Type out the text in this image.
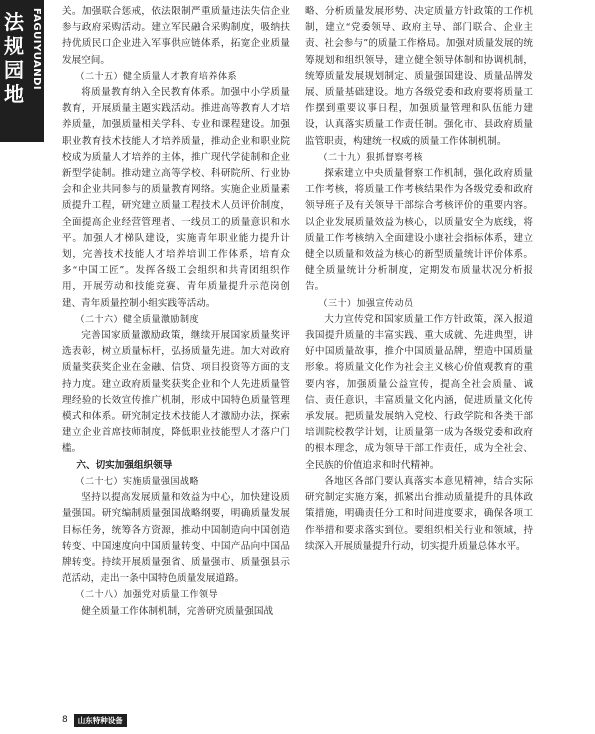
法规园地
FAGUIYUANDI 关。加强联合惩戒，依法限制严重质量违法失信企业参与政府采购活动。建立军民融合采购制度，吸纳扶持优质民口企业进入军事供应链体系，拓宽企业质量发展空间。

（二十五）健全质量人才教育培养体系

将质量教育纳入全民教育体系。加强中小学质量教育，开展质量主题实践活动。推进高等教育人才培养质量，加强质量相关学科、专业和课程建设。加强职业教育技术技能人才培养质量，推动企业和职业院校成为质量人才培养的主体，推广现代学徒制和企业新型学徒制。推动建立高等学校、科研院所、行业协会和企业共同参与的质量教育网络。实施企业质量素质提升工程，研究建立质量工程技术人员评价制度，全面提高企业经营管理者、一线员工的质量意识和水平。加强人才梯队建设，实施青年职业能力提升计划，完善技术技能人才培养培训工作体系，培育众多“中国工匠”。发挥各级工会组织和共青团组织作用，开展劳动和技能竞赛、青年质量提升示范岗创建、青年质量控制小组实践等活动。

（二十六）健全质量激励制度

完善国家质量激励政策，继续开展国家质量奖评选表彰，树立质量标杆，弘扬质量先进。加大对政府质量奖获奖企业在金融、信贷、项目投资等方面的支持力度。建立政府质量奖获奖企业和个人先进质量管理经验的长效宣传推广机制，形成中国特色质量管理模式和体系。研究制定技术技能人才激励办法，探索建立企业首席技师制度，降低职业技能型人才落户门槛。

六、切实加强组织领导

（二十七）实施质量强国战略

坚持以提高发展质量和效益为中心，加快建设质量强国。研究编制质量强国战略纲要，明确质量发展目标任务，统筹各方资源，推动中国制造向中国创造转变、中国速度向中国质量转变、中国产品向中国品牌转变。持续开展质量强省、质量强市、质量强县示范活动，走出一条中国特色质量发展道路。

（二十八）加强党对质量工作领导

健全质量工作体制机制，完善研究质量强国战

略、分析质量发展形势、决定质量方针政策的工作机制，建立“党委领导、政府主导、部门联合、企业主责、社会参与”的质量工作格局。加强对质量发展的统筹规划和组织领导，建立健全领导体制和协调机制，统筹质量发展规划制定、质量强国建设、质量品牌发展、质量基础建设。地方各级党委和政府要将质量工作摆到重要议事日程，加强质量管理和队伍能力建设，认真落实质量工作责任制。强化市、县政府质量监管职责，构建统一权威的质量工作体制机制。

（二十九）狠抓督察考核

探索建立中央质量督察工作机制，强化政府质量工作考核，将质量工作考核结果作为各级党委和政府领导班子及有关领导干部综合考核评价的重要内容。以企业发展质量效益为核心，以质量安全为底线，将质量工作考核纳入全面建设小康社会指标体系，建立健全以质量和效益为核心的新型质量统计评价体系。健全质量统计分析制度，定期发布质量状况分析报告。

（三十）加强宣传动员

大力宣传党和国家质量工作方针政策，深入报道我国提升质量的丰富实践、重大成就、先进典型，讲好中国质量故事，推介中国质量品牌，塑造中国质量形象。将质量文化作为社会主义核心价值观教育的重要内容，加强质量公益宣传，提高全社会质量、诚信、责任意识，丰富质量文化内涵，促进质量文化传承发展。把质量发展纳入党校、行政学院和各类干部培训院校教学计划，让质量第一成为各级党委和政府的根本理念，成为领导干部工作责任，成为全社会、全民族的价值追求和时代精神。

各地区各部门要认真落实本意见精神，结合实际研究制定实施方案，抓紧出台推动质量提升的具体政策措施，明确责任分工和时间进度要求，确保各项工作举措和要求落实到位。要组织相关行业和领域，持续深入开展质量提升行动，切实提升质量总体水平。

8	山东特种设备
